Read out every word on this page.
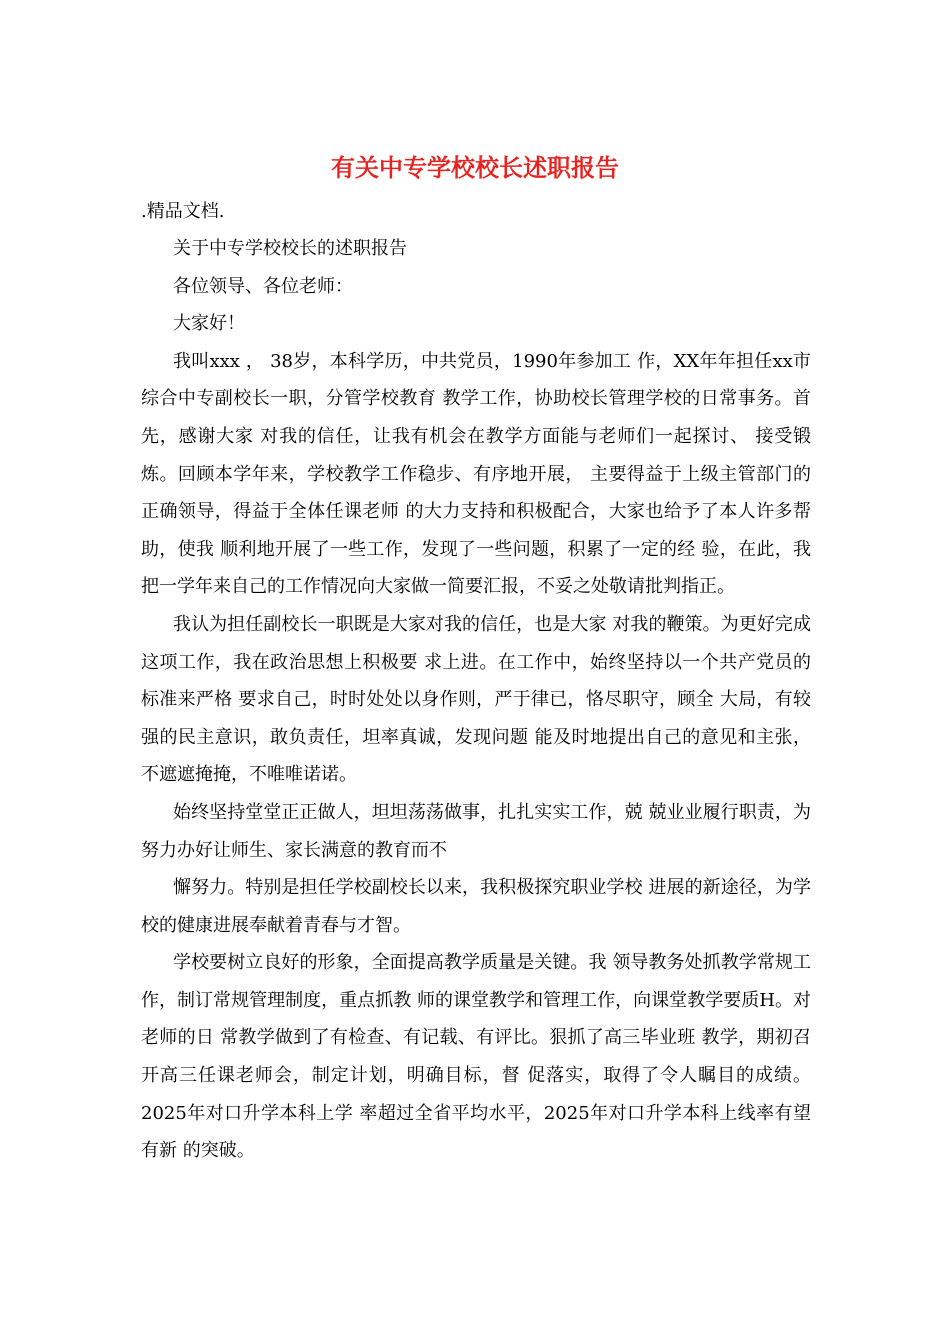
有关中专学校校长述职报告
.精品文档.

关于中专学校校长的述职报告

各位领导、各位老师：

大家好！

我叫xxx ， 38岁，本科学历，中共党员，1990年参加工 作，XX年年担任xx市综合中专副校长一职，分管学校教育 教学工作，协助校长管理学校的日常事务。首先，感谢大家 对我的信任，让我有机会在教学方面能与老师们一起探讨、 接受锻炼。回顾本学年来，学校教学工作稳步、有序地开展， 主要得益于上级主管部门的正确领导，得益于全体任课老师 的大力支持和积极配合，大家也给予了本人许多帮助，使我 顺利地开展了一些工作，发现了一些问题，积累了一定的经 验，在此，我把一学年来自己的工作情况向大家做一简要汇报，不妥之处敬请批判指正。

我认为担任副校长一职既是大家对我的信任，也是大家 对我的鞭策。为更好完成这项工作，我在政治思想上积极要 求上进。在工作中，始终坚持以一个共产党员的标准来严格 要求自己，时时处处以身作则，严于律已，恪尽职守，顾全 大局，有较强的民主意识，敢负责任，坦率真诚，发现问题 能及时地提出自己的意见和主张， 不遮遮掩掩，不唯唯诺诺。

始终坚持堂堂正正做人，坦坦荡荡做事，扎扎实实工作，兢 兢业业履行职责，为努力办好让师生、家长满意的教育而不

懈努力。特别是担任学校副校长以来，我积极探究职业学校 进展的新途径，为学校的健康进展奉献着青春与才智。

学校要树立良好的形象，全面提高教学质量是关键。我 领导教务处抓教学常规工作，制订常规管理制度，重点抓教 师的课堂教学和管理工作，向课堂教学要质H。对老师的日 常教学做到了有检查、有记载、有评比。狠抓了高三毕业班 教学，期初召开高三任课老师会，制定计划，明确目标，督 促落实，取得了令人瞩目的成绩。2025年对口升学本科上学 率超过全省平均水平，2025年对口升学本科上线率有望有新 的突破。
